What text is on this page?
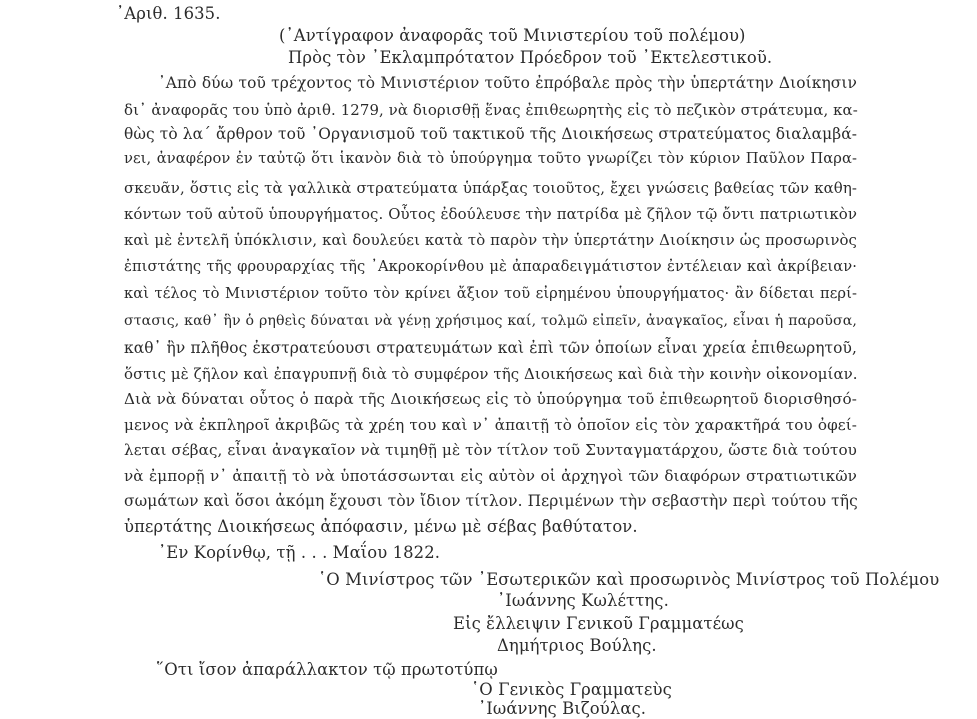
᾿Αριθ. 1635.
(᾿Αντίγραφον ἀναφορᾶς τοῦ Μινιστερίου τοῦ πολέμου)
Πρὸς τὸν ᾿Εκλαμπρότατον Πρόεδρον τοῦ ᾿Εκτελεστικοῦ.
᾿Απὸ δύω τοῦ τρέχοντος τὸ Μινιστέριον τοῦτο ἐπρόβαλε πρὸς τὴν ὑπερτάτην Διοίκησιν
δι᾿ ἀναφορᾶς του ὑπὸ ἀριθ. 1279, νὰ διορισθῇ ἕνας ἐπιθεωρητὴς εἰς τὸ πεζικὸν στράτευμα, κα-
θὼς τὸ λα΄ ἄρθρον τοῦ ᾿Οργανισμοῦ τοῦ τακτικοῦ τῆς Διοικήσεως στρατεύματος διαλαμβά-
νει, ἀναφέρον ἐν ταὐτῷ ὅτι ἱκανὸν διὰ τὸ ὑπούργημα τοῦτο γνωρίζει τὸν κύριον Παῦλον Παρα-
σκευᾶν, ὅστις εἰς τὰ γαλλικὰ στρατεύματα ὑπάρξας τοιοῦτος, ἔχει γνώσεις βαθείας τῶν καθη-
κόντων τοῦ αὐτοῦ ὑπουργήματος. Οὗτος ἐδούλευσε τὴν πατρίδα μὲ ζῆλον τῷ ὄντι πατριωτικὸν
καὶ μὲ ἐντελῆ ὑπόκλισιν, καὶ δουλεύει κατὰ τὸ παρὸν τὴν ὑπερτάτην Διοίκησιν ὡς προσωρινὸς
ἐπιστάτης τῆς φρουραρχίας τῆς ᾿Ακροκορίνθου μὲ ἀπαραδειγμάτιστον ἐντέλειαν καὶ ἀκρίβειαν·
καὶ τέλος τὸ Μινιστέριον τοῦτο τὸν κρίνει ἄξιον τοῦ εἰρημένου ὑπουργήματος· ἂν δίδεται περί-
στασις, καθ᾿ ἣν ὁ ρηθεὶς δύναται νὰ γένῃ χρήσιμος καί, τολμῶ εἰπεῖν, ἀναγκαῖος, εἶναι ἡ παροῦσα,
καθ᾿ ἣν πλῆθος ἐκστρατεύουσι στρατευμάτων καὶ ἐπὶ τῶν ὁποίων εἶναι χρεία ἐπιθεωρητοῦ,
ὅστις μὲ ζῆλον καὶ ἐπαγρυπνῇ διὰ τὸ συμφέρον τῆς Διοικήσεως καὶ διὰ τὴν κοινὴν οἰκονομίαν.
Διὰ νὰ δύναται οὗτος ὁ παρὰ τῆς Διοικήσεως εἰς τὸ ὑπούργημα τοῦ ἐπιθεωρητοῦ διορισθησό-
μενος νὰ ἐκπληροῖ ἀκριβῶς τὰ χρέη του καὶ ν᾿ ἀπαιτῇ τὸ ὁποῖον εἰς τὸν χαρακτῆρά του ὀφεί-
λεται σέβας, εἶναι ἀναγκαῖον νὰ τιμηθῇ μὲ τὸν τίτλον τοῦ Συνταγματάρχου, ὥστε διὰ τούτου
νὰ ἐμπορῇ ν᾿ ἀπαιτῇ τὸ νὰ ὑποτάσσωνται εἰς αὐτὸν οἱ ἀρχηγοὶ τῶν διαφόρων στρατιωτικῶν
σωμάτων καὶ ὅσοι ἀκόμη ἔχουσι τὸν ἴδιον τίτλον. Περιμένων τὴν σεβαστὴν περὶ τούτου τῆς
ὑπερτάτης Διοικήσεως ἀπόφασιν, μένω μὲ σέβας βαθύτατον.
᾿Εν Κορίνθῳ, τῇ . . . Μαΐου 1822.
῾Ο Μινίστρος τῶν ᾿Εσωτερικῶν καὶ προσωρινὸς Μινίστρος τοῦ Πολέμου
᾿Ιωάννης Κωλέττης.
Εἰς ἔλλειψιν Γενικοῦ Γραμματέως
Δημήτριος Βούλης.
῞Οτι ἴσον ἀπαράλλακτον τῷ πρωτοτύπῳ
῾Ο Γενικὸς Γραμματεὺς
᾿Ιωάννης Βιζούλας.
